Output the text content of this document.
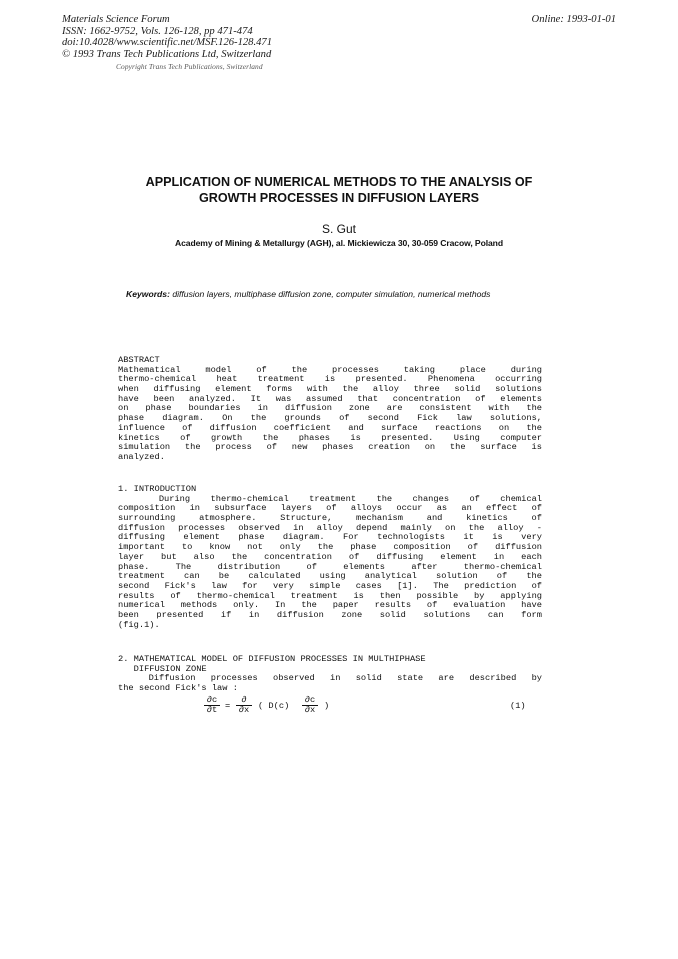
Materials Science Forum
ISSN: 1662-9752, Vols. 126-128, pp 471-474
doi:10.4028/www.scientific.net/MSF.126-128.471
© 1993 Trans Tech Publications Ltd, Switzerland
Online: 1993-01-01
Copyright Trans Tech Publications, Switzerland
APPLICATION OF NUMERICAL METHODS TO THE ANALYSIS OF
GROWTH PROCESSES IN DIFFUSION LAYERS
S. Gut
Academy of Mining & Metallurgy (AGH), al. Mickiewicza 30, 30-059 Cracow, Poland
Keywords: diffusion layers, multiphase diffusion zone, computer simulation, numerical methods
ABSTRACT
Mathematical model of the processes taking place during
thermo-chemical heat treatment is presented. Phenomena occurring
when diffusing element forms with the alloy three solid solutions
have been analyzed. It was assumed that concentration of elements
on phase boundaries in diffusion zone are consistent with the
phase diagram. On the grounds of second Fick law solutions,
influence of diffusion coefficient and surface reactions on the
kinetics of growth the phases is presented. Using computer
simulation the process of new phases creation on the surface is
analyzed.
1. INTRODUCTION
During thermo-chemical treatment the changes of chemical
composition in subsurface layers of alloys occur as an effect of
surrounding atmosphere. Structure, mechanism and kinetics of
diffusion processes observed in alloy depend mainly on the alloy -
diffusing element phase diagram. For technologists it is very
important to know not only the phase composition of diffusion
layer but also the concentration of diffusing element in each
phase. The distribution of elements after thermo-chemical
treatment can be calculated using analytical solution of the
second Fick's law for very simple cases [1]. The prediction of
results of thermo-chemical treatment is then possible by applying
numerical methods only. In the paper results of evaluation have
been presented if in diffusion zone solid solutions can form
(fig.1).
2. MATHEMATICAL MODEL OF DIFFUSION PROCESSES IN MULTHIPHASE
DIFFUSION ZONE
Diffusion processes observed in solid state are described by
the second Fick's law :
∂c
∂t =
∂
∂x	( D(c)
∂c
∂x	)	(1)
